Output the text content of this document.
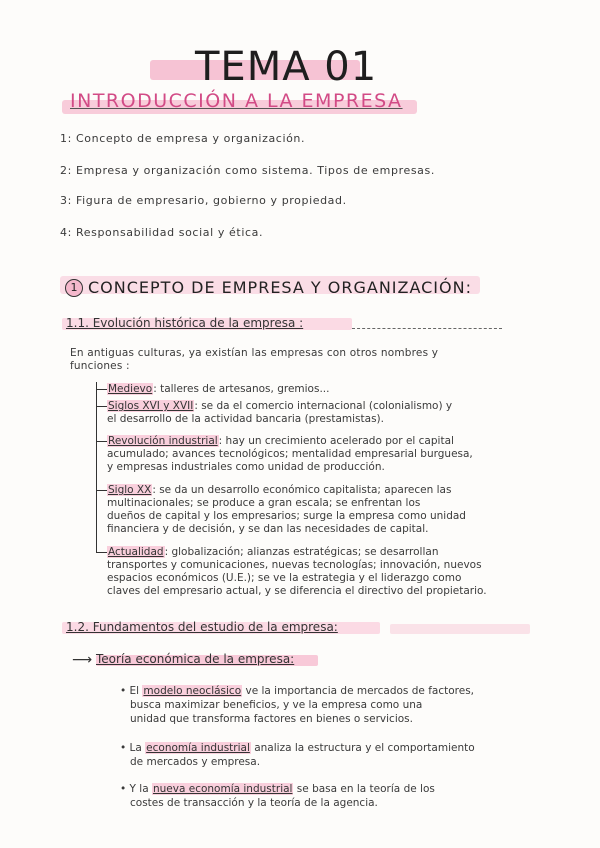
TEMA 01
INTRODUCCIÓN A LA EMPRESA
1: Concepto de empresa y organización.
2: Empresa y organización como sistema. Tipos de empresas.
3: Figura de empresario, gobierno y propiedad.
4: Responsabilidad social y ética.
1 CONCEPTO DE EMPRESA Y ORGANIZACIÓN:
1.1. Evolución histórica de la empresa :
En antiguas culturas, ya existían las empresas con otros nombres y
funciones :
Medievo: talleres de artesanos, gremios...
Siglos XVI y XVII: se da el comercio internacional (colonialismo) y
el desarrollo de la actividad bancaria (prestamistas).
Revolución industrial: hay un crecimiento acelerado por el capital
acumulado; avances tecnológicos; mentalidad empresarial burguesa,
y empresas industriales como unidad de producción.
Siglo XX: se da un desarrollo económico capitalista; aparecen las
multinacionales; se produce a gran escala; se enfrentan los
dueños de capital y los empresarios; surge la empresa como unidad
financiera y de decisión, y se dan las necesidades de capital.
Actualidad: globalización; alianzas estratégicas; se desarrollan
transportes y comunicaciones, nuevas tecnologías; innovación, nuevos
espacios económicos (U.E.); se ve la estrategia y el liderazgo como
claves del empresario actual, y se diferencia el directivo del propietario.
1.2. Fundamentos del estudio de la empresa:
⟶ Teoría económica de la empresa:
• El modelo neoclásico ve la importancia de mercados de factores,
busca maximizar beneficios, y ve la empresa como una
unidad que transforma factores en bienes o servicios.
• La economía industrial analiza la estructura y el comportamiento
de mercados y empresa.
• Y la nueva economía industrial se basa en la teoría de los
costes de transacción y la teoría de la agencia.
